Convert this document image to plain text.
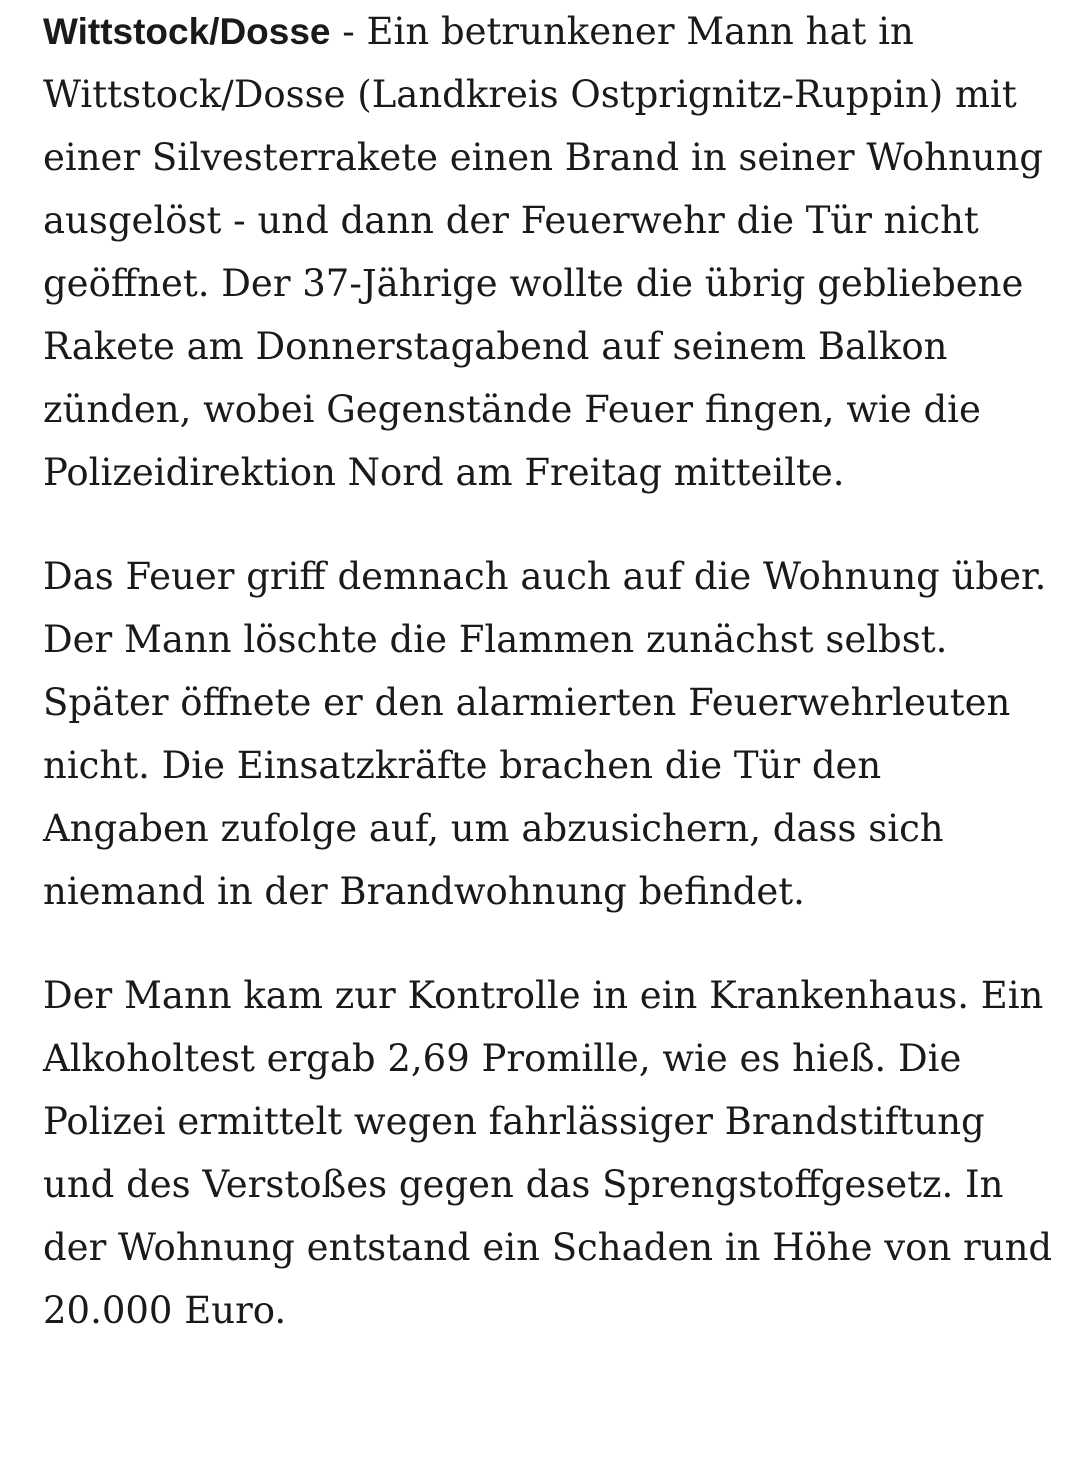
Wittstock/Dosse - Ein betrunkener Mann hat in Wittstock/Dosse (Landkreis Ostprignitz-Ruppin) mit einer Silvesterrakete einen Brand in seiner Wohnung ausgelöst - und dann der Feuerwehr die Tür nicht geöffnet. Der 37-Jährige wollte die übrig gebliebene Rakete am Donnerstagabend auf seinem Balkon zünden, wobei Gegenstände Feuer fingen, wie die Polizeidirektion Nord am Freitag mitteilte.

Das Feuer griff demnach auch auf die Wohnung über. Der Mann löschte die Flammen zunächst selbst. Später öffnete er den alarmierten Feuerwehrleuten nicht. Die Einsatzkräfte brachen die Tür den Angaben zufolge auf, um abzusichern, dass sich niemand in der Brandwohnung befindet.

Der Mann kam zur Kontrolle in ein Krankenhaus. Ein Alkoholtest ergab 2,69 Promille, wie es hieß. Die Polizei ermittelt wegen fahrlässiger Brandstiftung und des Verstoßes gegen das Sprengstoffgesetz. In der Wohnung entstand ein Schaden in Höhe von rund 20.000 Euro.
